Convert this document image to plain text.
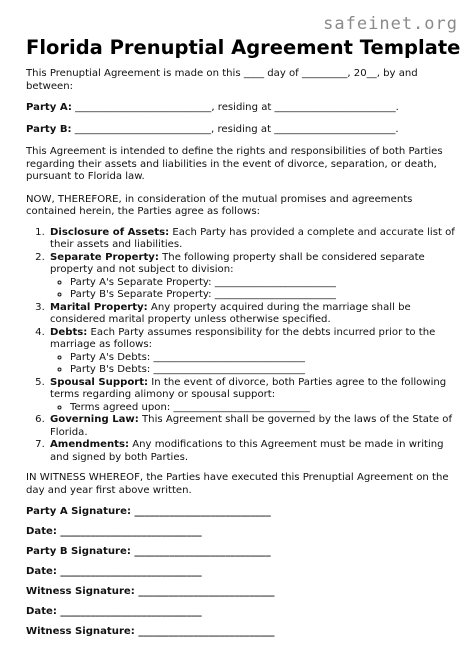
safeinet.org
Florida Prenuptial Agreement Template

This Prenuptial Agreement is made on this ____ day of _________, 20__, by and between:

Party A: ___________________________, residing at ________________________.

Party B: ___________________________, residing at ________________________.

This Agreement is intended to define the rights and responsibilities of both Parties regarding their assets and liabilities in the event of divorce, separation, or death, pursuant to Florida law.

NOW, THEREFORE, in consideration of the mutual promises and agreements contained herein, the Parties agree as follows:

1. Disclosure of Assets: Each Party has provided a complete and accurate list of their assets and liabilities.
2. Separate Property: The following property shall be considered separate property and not subject to division:
◦ Party A's Separate Property: ________________________
◦ Party B's Separate Property: ________________________
3. Marital Property: Any property acquired during the marriage shall be considered marital property unless otherwise specified.
4. Debts: Each Party assumes responsibility for the debts incurred prior to the marriage as follows:
◦ Party A's Debts: ______________________________
◦ Party B's Debts: ______________________________
5. Spousal Support: In the event of divorce, both Parties agree to the following terms regarding alimony or spousal support:
◦ Terms agreed upon: ___________________________
6. Governing Law: This Agreement shall be governed by the laws of the State of Florida.
7. Amendments: Any modifications to this Agreement must be made in writing and signed by both Parties.

IN WITNESS WHEREOF, the Parties have executed this Prenuptial Agreement on the day and year first above written.

Party A Signature: ___________________________

Date: ____________________________

Party B Signature: ___________________________

Date: ____________________________

Witness Signature: ___________________________

Date: ____________________________

Witness Signature: ___________________________
